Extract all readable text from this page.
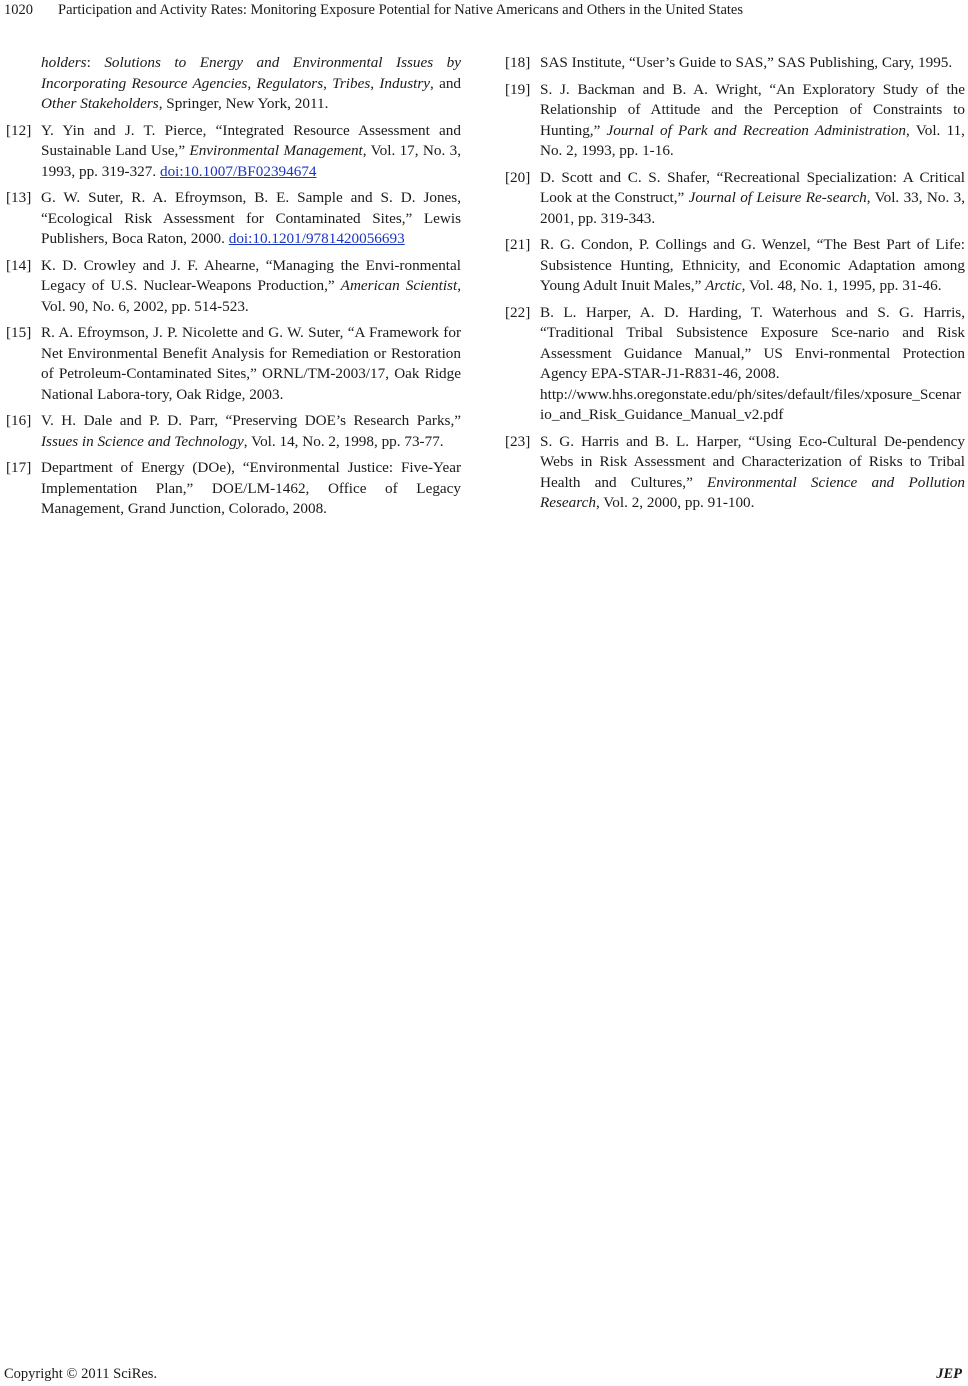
1020 Participation and Activity Rates: Monitoring Exposure Potential for Native Americans and Others in the United States
holders: Solutions to Energy and Environmental Issues by Incorporating Resource Agencies, Regulators, Tribes, Industry, and Other Stakeholders, Springer, New York, 2011.
[12] Y. Yin and J. T. Pierce, “Integrated Resource Assessment and Sustainable Land Use,” Environmental Management, Vol. 17, No. 3, 1993, pp. 319-327. doi:10.1007/BF02394674
[13] G. W. Suter, R. A. Efroymson, B. E. Sample and S. D. Jones, “Ecological Risk Assessment for Contaminated Sites,” Lewis Publishers, Boca Raton, 2000. doi:10.1201/9781420056693
[14] K. D. Crowley and J. F. Ahearne, “Managing the Envi-ronmental Legacy of U.S. Nuclear-Weapons Production,” American Scientist, Vol. 90, No. 6, 2002, pp. 514-523.
[15] R. A. Efroymson, J. P. Nicolette and G. W. Suter, “A Framework for Net Environmental Benefit Analysis for Remediation or Restoration of Petroleum-Contaminated Sites,” ORNL/TM-2003/17, Oak Ridge National Labora-tory, Oak Ridge, 2003.
[16] V. H. Dale and P. D. Parr, “Preserving DOE’s Research Parks,” Issues in Science and Technology, Vol. 14, No. 2, 1998, pp. 73-77.
[17] Department of Energy (DOe), “Environmental Justice: Five-Year Implementation Plan,” DOE/LM-1462, Office of Legacy Management, Grand Junction, Colorado, 2008.
[18] SAS Institute, “User’s Guide to SAS,” SAS Publishing, Cary, 1995.
[19] S. J. Backman and B. A. Wright, “An Exploratory Study of the Relationship of Attitude and the Perception of Constraints to Hunting,” Journal of Park and Recreation Administration, Vol. 11, No. 2, 1993, pp. 1-16.
[20] D. Scott and C. S. Shafer, “Recreational Specialization: A Critical Look at the Construct,” Journal of Leisure Re-search, Vol. 33, No. 3, 2001, pp. 319-343.
[21] R. G. Condon, P. Collings and G. Wenzel, “The Best Part of Life: Subsistence Hunting, Ethnicity, and Economic Adaptation among Young Adult Inuit Males,” Arctic, Vol. 48, No. 1, 1995, pp. 31-46.
[22] B. L. Harper, A. D. Harding, T. Waterhous and S. G. Harris, “Traditional Tribal Subsistence Exposure Sce-nario and Risk Assessment Guidance Manual,” US Envi-ronmental Protection Agency EPA-STAR-J1-R831-46, 2008.
http://www.hhs.oregonstate.edu/ph/sites/default/files/xposure_Scenario_and_Risk_Guidance_Manual_v2.pdf
[23] S. G. Harris and B. L. Harper, “Using Eco-Cultural De-pendency Webs in Risk Assessment and Characterization of Risks to Tribal Health and Cultures,” Environmental Science and Pollution Research, Vol. 2, 2000, pp. 91-100.
Copyright © 2011 SciRes.	JEP
